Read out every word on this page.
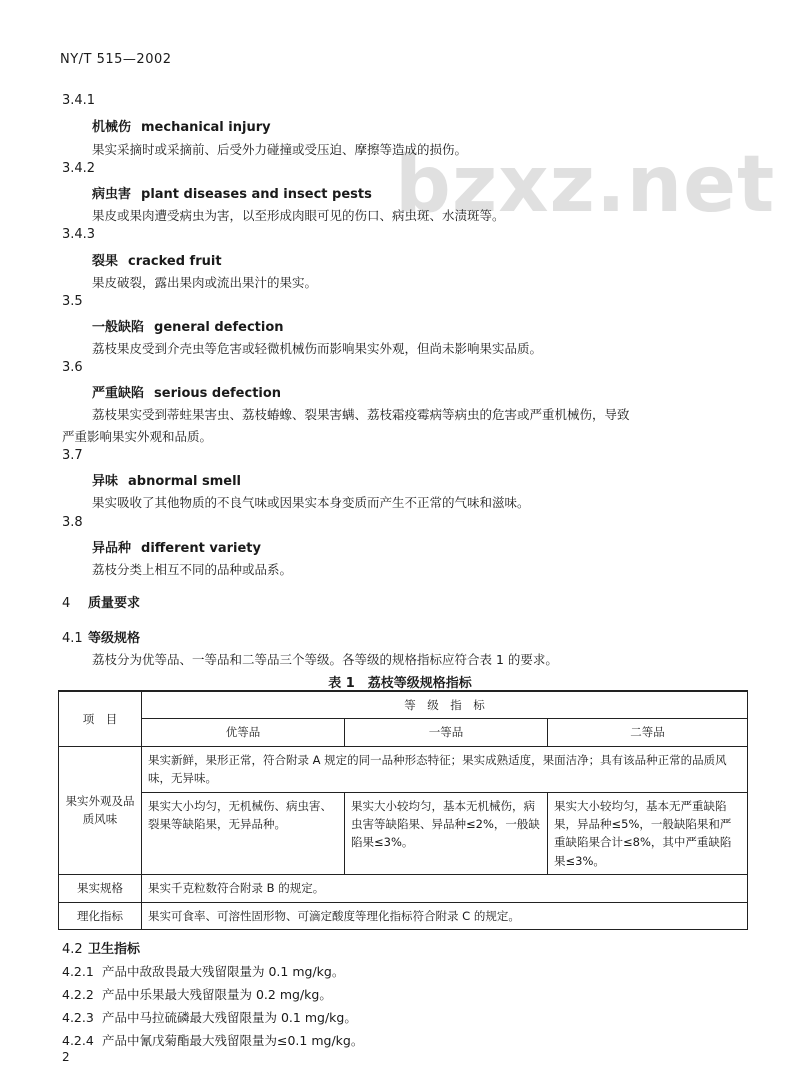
NY/T 515—2002
bzxz.net
3.4.1
机械伤 mechanical injury
果实采摘时或采摘前、后受外力碰撞或受压迫、摩擦等造成的损伤。
3.4.2
病虫害 plant diseases and insect pests
果皮或果肉遭受病虫为害，以至形成肉眼可见的伤口、病虫斑、水渍斑等。
3.4.3
裂果 cracked fruit
果皮破裂，露出果肉或流出果汁的果实。
3.5
一般缺陷 general defection
荔枝果皮受到介壳虫等危害或轻微机械伤而影响果实外观，但尚未影响果实品质。
3.6
严重缺陷 serious defection
荔枝果实受到蒂蛀果害虫、荔枝蝽蟓、裂果害螨、荔枝霜疫霉病等病虫的危害或严重机械伤，导致
严重影响果实外观和品质。
3.7
异味 abnormal smell
果实吸收了其他物质的不良气味或因果实本身变质而产生不正常的气味和滋味。
3.8
异品种 different variety
荔枝分类上相互不同的品种或品系。
4 质量要求
4.1 等级规格
荔枝分为优等品、一等品和二等品三个等级。各等级的规格指标应符合表 1 的要求。
表 1　荔枝等级规格指标
项　目	等　级　指　标		
	优等品	一等品	二等品
果实外观及品质风味	果实新鲜，果形正常，符合附录 A 规定的同一品种形态特征；果实成熟适度，果面洁净；具有该品种正常的品质风味，无异味。		
	果实大小均匀，无机械伤、病虫害、裂果等缺陷果，无异品种。	果实大小较均匀，基本无机械伤，病虫害等缺陷果、异品种≤2%，一般缺陷果≤3%。	果实大小较均匀，基本无严重缺陷果，异品种≤5%，一般缺陷果和严重缺陷果合计≤8%，其中严重缺陷果≤3%。
果实规格	果实千克粒数符合附录 B 的规定。		
理化指标	果实可食率、可溶性固形物、可滴定酸度等理化指标符合附录 C 的规定。		
4.2 卫生指标
4.2.1 产品中敌敌畏最大残留限量为 0.1 mg/kg。
4.2.2 产品中乐果最大残留限量为 0.2 mg/kg。
4.2.3 产品中马拉硫磷最大残留限量为 0.1 mg/kg。
4.2.4 产品中氰戊菊酯最大残留限量为≤0.1 mg/kg。
2
